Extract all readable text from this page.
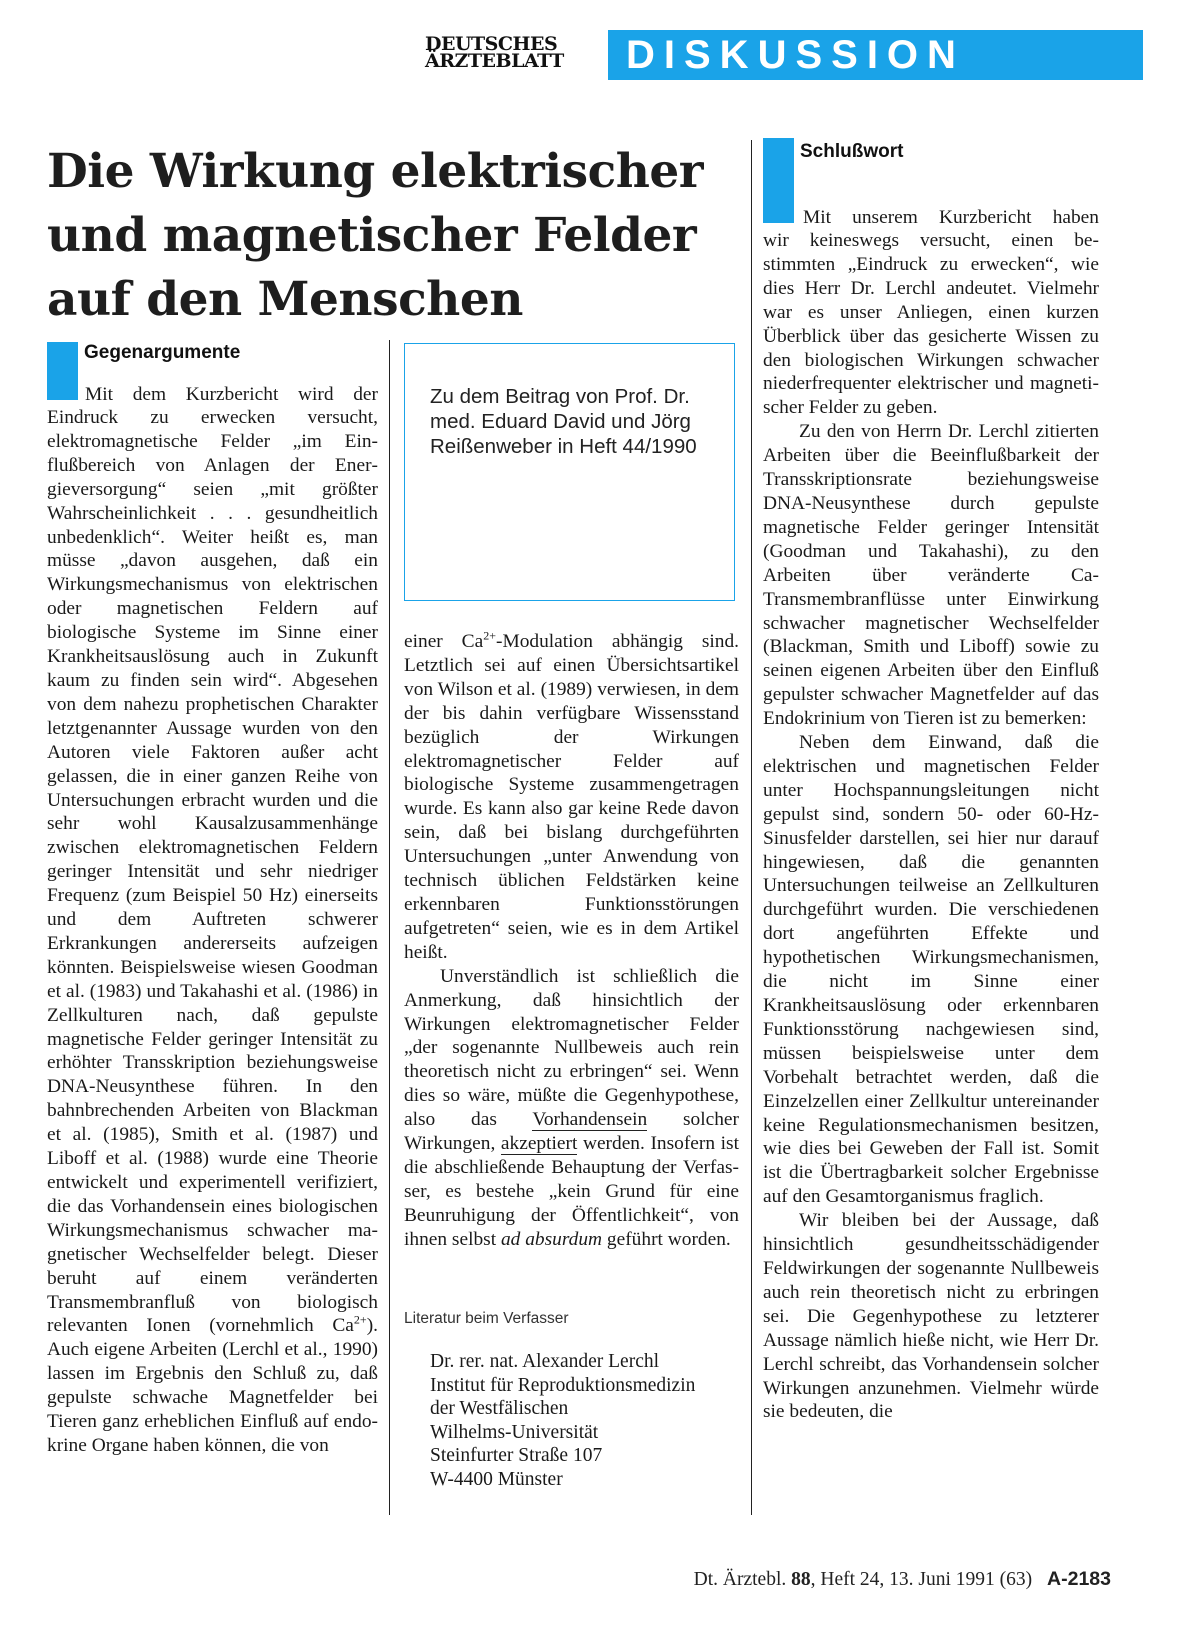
DEUTSCHES
ÄRZTEBLATT	DISKUSSION
Die Wirkung elektrischer und magnetischer Felder auf den Menschen
Gegenargumente
Mit dem Kurzbericht wird der

Eindruck zu erwecken versucht, elektromagnetische Felder „im Einflußbereich von Anlagen der Energieversorgung“ seien „mit größter Wahrscheinlichkeit . . . gesundheitlich unbedenklich“. Weiter heißt es, man müsse „davon ausgehen, daß ein Wirkungsmechanismus von elektrischen oder magnetischen Feldern auf biologische Systeme im Sinne einer Krankheitsauslösung auch in Zukunft kaum zu finden sein wird“. Abgesehen von dem nahezu prophetischen Charakter letztgenannter Aussage wurden von den Autoren viele Faktoren außer acht gelassen, die in einer ganzen Reihe von Untersuchungen erbracht wurden und die sehr wohl Kausalzusammenhänge zwischen elektromagnetischen Feldern geringer Intensität und sehr niedriger Frequenz (zum Beispiel 50 Hz) einerseits und dem Auftreten schwerer Erkrankungen andererseits aufzeigen könnten. Beispielsweise wiesen Goodman et al. (1983) und Takahashi et al. (1986) in Zellkulturen nach, daß gepulste magnetische Felder geringer Intensität zu erhöhter Transskription beziehungsweise DNA-Neusynthese führen. In den bahnbrechenden Arbeiten von Blackman et al. (1985), Smith et al. (1987) und Liboff et al. (1988) wurde eine Theorie entwickelt und experimentell verifiziert, die das Vorhandensein eines biologischen Wirkungsmechanismus schwacher magnetischer Wechselfelder belegt. Dieser beruht auf einem veränderten Transmembranfluß von biologisch relevanten Ionen (vornehmlich $Ca^{2+}$). Auch eigene Arbeiten (Lerchl et al., 1990) lassen im Ergebnis den Schluß zu, daß gepulste schwache Magnetfelder bei Tieren ganz erheblichen Einfluß auf endokrine Organe haben können, die von

Zu dem Beitrag von Prof. Dr. med. Eduard David und Jörg Reißenweber in Heft 44/1990

einer $Ca^{2+}$-Modulation abhängig sind. Letztlich sei auf einen Übersichtsartikel von Wilson et al. (1989) verwiesen, in dem der bis dahin verfügbare Wissensstand bezüglich der Wirkungen elektromagnetischer Felder auf biologische Systeme zusammengetragen wurde. Es kann also gar keine Rede davon sein, daß bei bislang durchgeführten Untersuchungen „unter Anwendung von technisch üblichen Feldstärken keine erkennbaren Funktionsstörungen aufgetreten“ seien, wie es in dem Artikel heißt.

Unverständlich ist schließlich die Anmerkung, daß hinsichtlich der Wirkungen elektromagnetischer Felder „der sogenannte Nullbeweis auch rein theoretisch nicht zu erbringen“ sei. Wenn dies so wäre, müßte die Gegenhypothese, also das Vorhandensein solcher Wirkungen, akzeptiert werden. Insofern ist die abschließende Behauptung der Verfasser, es bestehe „kein Grund für eine Beunruhigung der Öffentlichkeit“, von ihnen selbst ad absurdum geführt worden.

Literatur beim Verfasser
Dr. rer. nat. Alexander Lerchl
Institut für Reproduktionsmedizin
der Westfälischen
Wilhelms-Universität
Steinfurter Straße 107
W-4400 Münster
Schlußwort
Mit unserem Kurzbericht haben

wir keineswegs versucht, einen bestimmten „Eindruck zu erwecken“, wie dies Herr Dr. Lerchl andeutet. Vielmehr war es unser Anliegen, einen kurzen Überblick über das gesicherte Wissen zu den biologischen Wirkungen schwacher niederfrequenter elektrischer und magnetischer Felder zu geben.

Zu den von Herrn Dr. Lerchl zitierten Arbeiten über die Beeinflußbarkeit der Transskriptionsrate beziehungsweise DNA-Neusynthese durch gepulste magnetische Felder geringer Intensität (Goodman und Takahashi), zu den Arbeiten über veränderte Ca-Transmembranflüsse unter Einwirkung schwacher magnetischer Wechselfelder (Blackman, Smith und Liboff) sowie zu seinen eigenen Arbeiten über den Einfluß gepulster schwacher Magnetfelder auf das Endokrinium von Tieren ist zu bemerken:

Neben dem Einwand, daß die elektrischen und magnetischen Felder unter Hochspannungsleitungen nicht gepulst sind, sondern 50- oder 60-Hz-Sinusfelder darstellen, sei hier nur darauf hingewiesen, daß die genannten Untersuchungen teilweise an Zellkulturen durchgeführt wurden. Die verschiedenen dort angeführten Effekte und hypothetischen Wirkungsmechanismen, die nicht im Sinne einer Krankheitsauslösung oder erkennbaren Funktionsstörung nachgewiesen sind, müssen beispielsweise unter dem Vorbehalt betrachtet werden, daß die Einzelzellen einer Zellkultur untereinander keine Regulationsmechanismen besitzen, wie dies bei Geweben der Fall ist. Somit ist die Übertragbarkeit solcher Ergebnisse auf den Gesamtorganismus fraglich.

Wir bleiben bei der Aussage, daß hinsichtlich gesundheitsschädigender Feldwirkungen der sogenannte Nullbeweis auch rein theoretisch nicht zu erbringen sei. Die Gegenhypothese zu letzterer Aussage nämlich hieße nicht, wie Herr Dr. Lerchl schreibt, das Vorhandensein solcher Wirkungen anzunehmen. Vielmehr würde sie bedeuten, die

Dt. Ärztebl. 88, Heft 24, 13. Juni 1991 (63) A-2183
